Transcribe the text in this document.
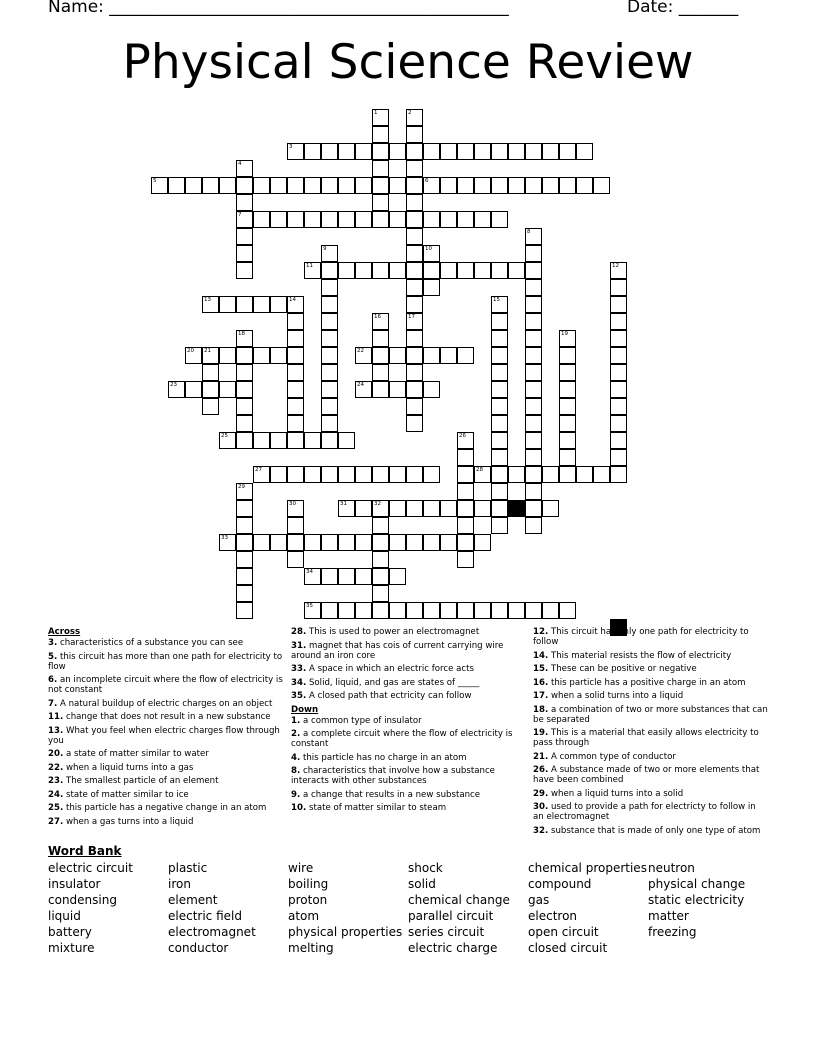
Name: _______________________________________________	Date: _______
Physical Science Review
1	2
17
3
4
7
5	6
8
9	10
11	12
13	14	15
16
18	19
20 21	22
23	24
25	26
27	28
29
30	31	32
33
34
35
Across
3. characteristics of a substance you can see
5. this circuit has more than one path for electricity to flow
6. an incomplete circuit where the flow of electricity is not constant
7. A natural buildup of electric charges on an object
11. change that does not result in a new substance
13. What you feel when electric charges flow through you
20. a state of matter similar to water
22. when a liquid turns into a gas
23. The smallest particle of an element
24. state of matter similar to ice
25. this particle has a negative change in an atom
27. when a gas turns into a liquid
28. This is used to power an electromagnet
31. magnet that has cois of current carrying wire around an iron core
33. A space in which an electric force acts
34. Solid, liquid, and gas are states of _____
35. A closed path that ectricity can follow
Down
1. a common type of insulator
2. a complete circuit where the flow of electricity is constant
4. this particle has no charge in an atom
8. characteristics that involve how a substance interacts with other substances
9. a change that results in a new substance
10. state of matter similar to steam
12. This circuit has only one path for electricity to follow
14. This material resists the flow of electricity
15. These can be positive or negative
16. this particle has a positive charge in an atom
17. when a solid turns into a liquid
18. a combination of two or more substances that can be separated
19. This is a material that easily allows electricity to pass through
21. A common type of conductor
26. A substance made of two or more elements that have been combined
29. when a liquid turns into a solid
30. used to provide a path for electricty to follow in an electromagnet
32. substance that is made of only one type of atom
Word Bank
electric circuit
insulator
condensing
liquid
battery
mixture
plastic
iron
element
electric field
electromagnet
conductor
wire
boiling
proton
atom
physical properties
melting
shock
solid
chemical change
parallel circuit
series circuit
electric charge
chemical properties
compound
gas
electron
open circuit
closed circuit
neutron
physical change
static electricity
matter
freezing
